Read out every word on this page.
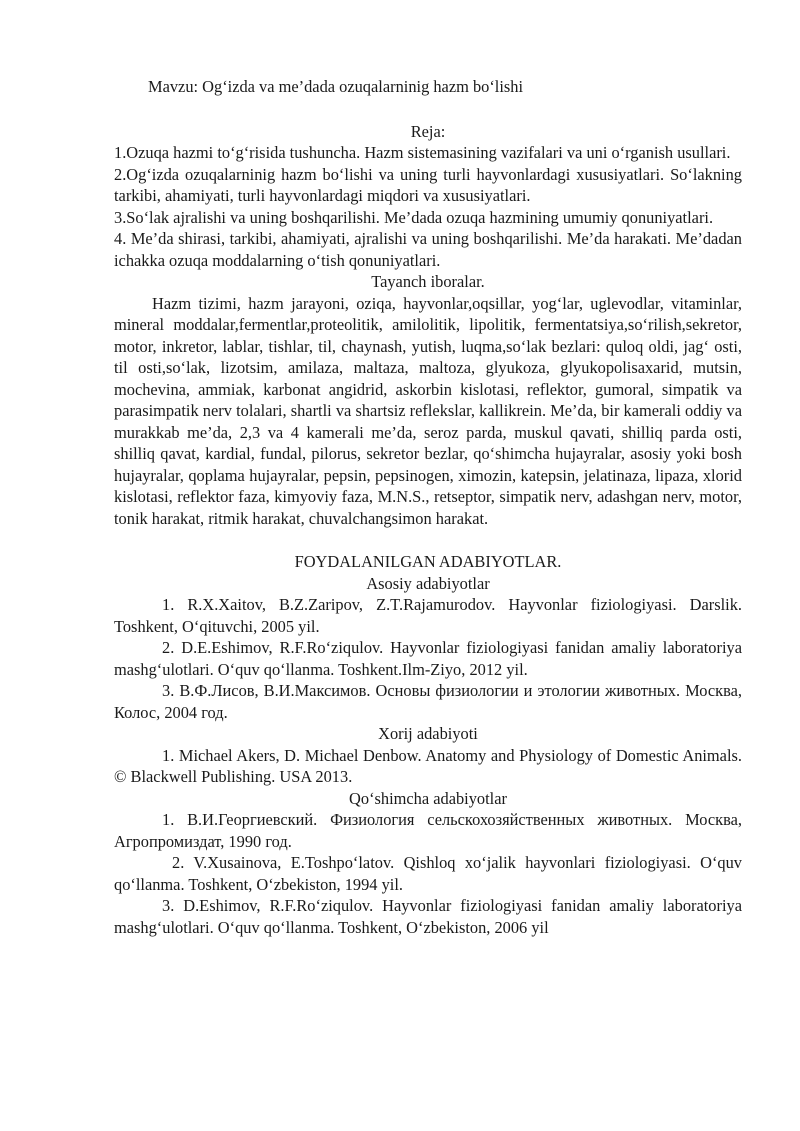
Mavzu: Og‘izda va me’dada ozuqalarninig hazm bo‘lishi

Reja:

1.Ozuqa hazmi to‘g‘risida tushuncha. Hazm sistemasining vazifalari va uni o‘rganish usullari.

2.Og‘izda ozuqalarninig hazm bo‘lishi va uning turli hayvonlardagi xususiyatlari. So‘lakning tarkibi, ahamiyati, turli hayvonlardagi miqdori va xususiyatlari.

3.So‘lak ajralishi va uning boshqarilishi. Me’dada ozuqa hazmining umumiy qonuniyatlari.

4. Me’da shirasi, tarkibi, ahamiyati, ajralishi va uning boshqarilishi. Me’da harakati. Me’dadan ichakka ozuqa moddalarning o‘tish qonuniyatlari.

Tayanch iboralar.

Hazm tizimi, hazm jarayoni, oziqa, hayvonlar,oqsillar, yog‘lar, uglevodlar, vitaminlar, mineral moddalar,fermentlar,proteolitik, amilolitik, lipolitik, fermentatsiya,so‘rilish,sekretor, motor, inkretor, lablar, tishlar, til, chaynash, yutish, luqma,so‘lak bezlari: quloq oldi, jag‘ osti, til osti,so‘lak, lizotsim, amilaza, maltaza, maltoza, glyukoza, glyukopolisaxarid, mutsin, mochevina, ammiak, karbonat angidrid, askorbin kislotasi, reflektor, gumoral, simpatik va parasimpatik nerv tolalari, shartli va shartsiz reflekslar, kallikrein. Me’da, bir kamerali oddiy va murakkab me’da, 2,3 va 4 kamerali me’da, seroz parda, muskul qavati, shilliq parda osti, shilliq qavat, kardial, fundal, pilorus, sekretor bezlar, qo‘shimcha hujayralar, asosiy yoki bosh hujayralar, qoplama hujayralar, pepsin, pepsinogen, ximozin, katepsin, jelatinaza, lipaza, xlorid kislotasi, reflektor faza, kimyoviy faza, M.N.S., retseptor, simpatik nerv, adashgan nerv, motor, tonik harakat, ritmik harakat, chuvalchangsimon harakat.

FOYDALANILGAN ADABIYOTLAR.

Asosiy adabiyotlar

1. R.X.Xaitov, B.Z.Zaripov, Z.T.Rajamurodov. Hayvonlar fiziologiyasi. Darslik. Toshkent, O‘qituvchi, 2005 yil.

2. D.E.Eshimov, R.F.Ro‘ziqulov. Hayvonlar fiziologiyasi fanidan amaliy laboratoriya mashg‘ulotlari. O‘quv qo‘llanma. Toshkent.Ilm-Ziyo, 2012 yil.

3. В.Ф.Лисов, В.И.Максимов. Основы физиологии и этологии животных. Москва, Колос, 2004 год.

Xorij adabiyoti

1. Michael Akers, D. Michael Denbow. Anatomy and Physiology of Domestic Animals. © Blackwell Publishing. USA 2013.

Qo‘shimcha adabiyotlar

1. В.И.Георгиевский. Физиология сельскохозяйственных животных. Москва, Агропромиздат, 1990 год.

2. V.Xusainova, E.Toshpo‘latov. Qishloq xo‘jalik hayvonlari fiziologiyasi. O‘quv qo‘llanma. Toshkent, O‘zbekiston, 1994 yil.

3. D.Eshimov, R.F.Ro‘ziqulov. Hayvonlar fiziologiyasi fanidan amaliy laboratoriya mashg‘ulotlari. O‘quv qo‘llanma. Toshkent, O‘zbekiston, 2006 yil
